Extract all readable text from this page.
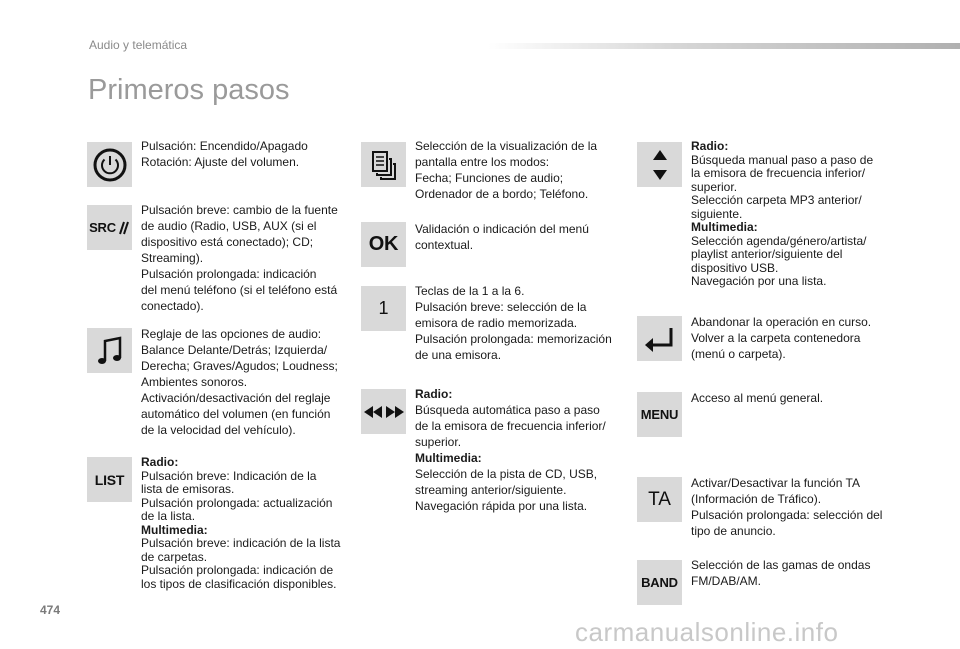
Audio y telemática
Primeros pasos
Pulsación: Encendido/Apagado
Rotación: Ajuste del volumen.
SRC
Pulsación breve: cambio de la fuente
de audio (Radio, USB, AUX (si el
dispositivo está conectado); CD;
Streaming).
Pulsación prolongada: indicación
del menú teléfono (si el teléfono está
conectado).
Reglaje de las opciones de audio:
Balance Delante/Detrás; Izquierda/
Derecha; Graves/Agudos; Loudness;
Ambientes sonoros.
Activación/desactivación del reglaje
automático del volumen (en función
de la velocidad del vehículo).
LIST
Radio:
Pulsación breve: Indicación de la
lista de emisoras.
Pulsación prolongada: actualización
de la lista.
Multimedia:
Pulsación breve: indicación de la lista
de carpetas.
Pulsación prolongada: indicación de
los tipos de clasificación disponibles.
Selección de la visualización de la
pantalla entre los modos:
Fecha; Funciones de audio;
Ordenador de a bordo; Teléfono.
OK
Validación o indicación del menú
contextual.
1
Teclas de la 1 a la 6.
Pulsación breve: selección de la
emisora de radio memorizada.
Pulsación prolongada: memorización
de una emisora.
Radio:
Búsqueda automática paso a paso
de la emisora de frecuencia inferior/
superior.
Multimedia:
Selección de la pista de CD, USB,
streaming anterior/siguiente.
Navegación rápida por una lista.
Radio:
Búsqueda manual paso a paso de
la emisora de frecuencia inferior/
superior.
Selección carpeta MP3 anterior/
siguiente.
Multimedia:
Selección agenda/género/artista/
playlist anterior/siguiente del
dispositivo USB.
Navegación por una lista.
Abandonar la operación en curso.
Volver a la carpeta contenedora
(menú o carpeta).
MENU
Acceso al menú general.
TA
Activar/Desactivar la función TA
(Información de Tráfico).
Pulsación prolongada: selección del
tipo de anuncio.
BAND
Selección de las gamas de ondas
FM/DAB/AM.
474
carmanualsonline.info
